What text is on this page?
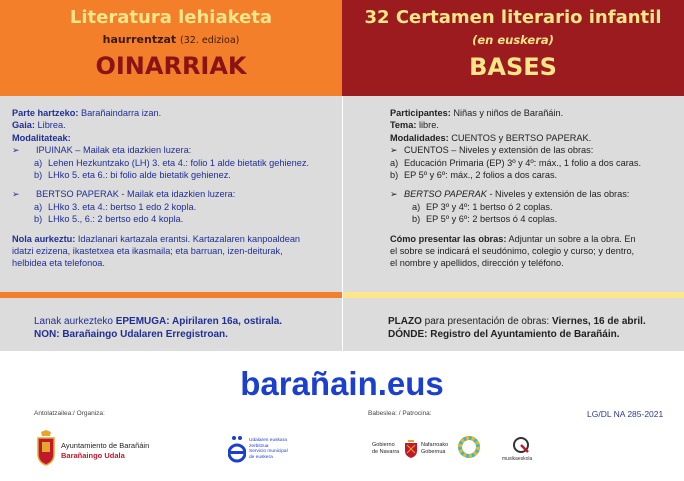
Literatura lehiaketa
haurrentzat (32. edizioa)
OINARRIAK
32 Certamen literario infantil
(en euskera)
BASES
Parte hartzeko: Barañaindarra izan.
Gaia: Librea.
Modalitateak:
➢	IPUINAK – Mailak eta idazkien luzera:
a) Lehen Hezkuntzako (LH) 3. eta 4.: folio 1 alde bietatik gehienez.
b) LHko 5. eta 6.: bi folio alde bietatik gehienez.
➢	BERTSO PAPERAK - Mailak eta idazkien luzera:
a) LHko 3. eta 4.: bertso 1 edo 2 kopla.
b) LHko 5., 6.: 2 bertso edo 4 kopla.
Nola aurkeztu: Idazlanari kartazala erantsi. Kartazalaren kanpoaldean
idatzi ezizena, ikastetxea eta ikasmaila; eta barruan, izen-deiturak,
helbidea eta telefonoa.
Participantes: Niñas y niños de Barañáin.
Tema: libre.
Modalidades: CUENTOS y BERTSO PAPERAK.
➢ CUENTOS – Niveles y extensión de las obras:
a) Educación Primaria (EP) 3º y 4º: máx., 1 folio a dos caras.
b) EP 5º y 6º: máx., 2 folios a dos caras.
➢ BERTSO PAPERAK - Niveles y extensión de las obras:
a) EP 3º y 4º: 1 bertso ó 2 coplas.
b) EP 5º y 6º: 2 bertsos ó 4 coplas.
Cómo presentar las obras: Adjuntar un sobre a la obra. En
el sobre se indicará el seudónimo, colegio y curso; y dentro,
el nombre y apellidos, dirección y teléfono.
Lanak aurkezteko EPEMUGA: Apirilaren 16a, ostirala.
NON: Barañaingo Udalaren Erregistroan.
PLAZO para presentación de obras: Viernes, 16 de abril.
DÓNDE: Registro del Ayuntamiento de Barañáin.
barañain.eus
Antolatzailea:/ Organiza:	Babeslea: / Patrocina:	LG/DL NA 285-2021
Ayuntamiento de Barañáin
Barañaingo Udala
Udalaren euskara
zerbitzua
Servicio municipal
de euskera
Gobierno
de Navarra
Nafarroako
Gobernua
musikaeskola
